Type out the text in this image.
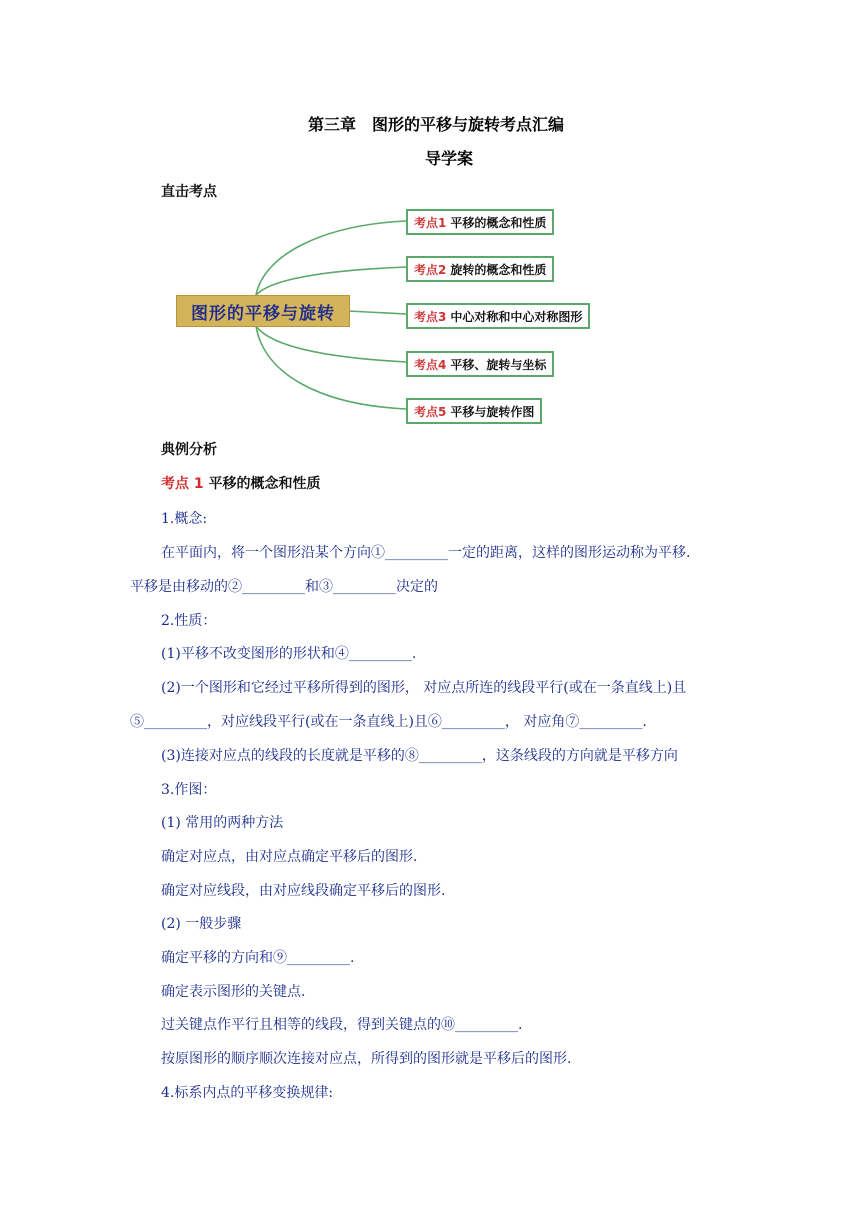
第三章　图形的平移与旋转考点汇编
导学案
直击考点
图形的平移与旋转
考点1 平移的概念和性质
考点2 旋转的概念和性质
考点3 中心对称和中心对称图形
考点4 平移、旋转与坐标
考点5 平移与旋转作图
典例分析
考点 1 平移的概念和性质
1.概念:
在平面内，将一个图形沿某个方向①_________一定的距离，这样的图形运动称为平移.
平移是由移动的②_________和③_________决定的
2.性质：
(1)平移不改变图形的形状和④_________.
(2)一个图形和它经过平移所得到的图形， 对应点所连的线段平行(或在一条直线上)且
⑤_________，对应线段平行(或在一条直线上)且⑥_________， 对应角⑦_________.
(3)连接对应点的线段的长度就是平移的⑧_________，这条线段的方向就是平移方向
3.作图：
(1) 常用的两种方法
确定对应点，由对应点确定平移后的图形.
确定对应线段，由对应线段确定平移后的图形.
(2) 一般步骤
确定平移的方向和⑨_________.
确定表示图形的关键点.
过关键点作平行且相等的线段，得到关键点的⑩_________.
按原图形的顺序顺次连接对应点，所得到的图形就是平移后的图形.
4.标系内点的平移变换规律:
